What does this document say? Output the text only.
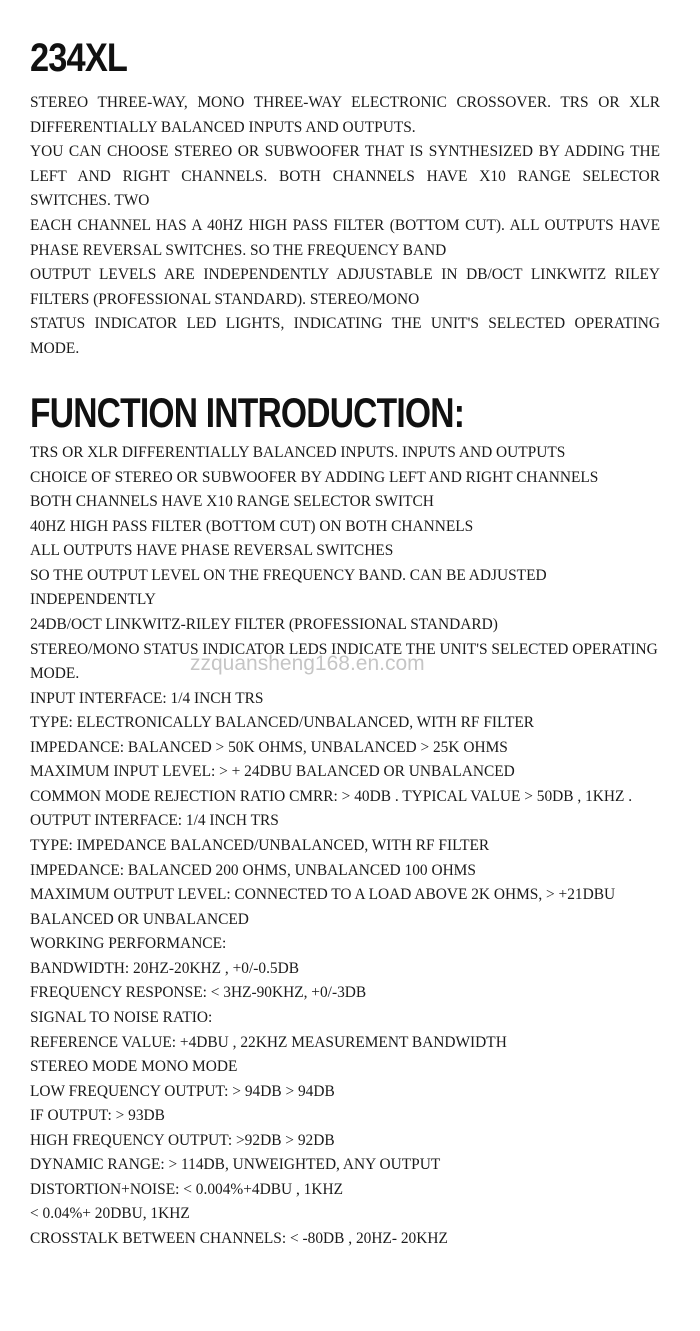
234XL
STEREO THREE-WAY, MONO THREE-WAY ELECTRONIC CROSSOVER. TRS OR XLR DIFFERENTIALLY BALANCED INPUTS AND OUTPUTS.
YOU CAN CHOOSE STEREO OR SUBWOOFER THAT IS SYNTHESIZED BY ADDING THE LEFT AND RIGHT CHANNELS. BOTH CHANNELS HAVE X10 RANGE SELECTOR SWITCHES. TWO
EACH CHANNEL HAS A 40HZ HIGH PASS FILTER (BOTTOM CUT). ALL OUTPUTS HAVE PHASE REVERSAL SWITCHES. SO THE FREQUENCY BAND
OUTPUT LEVELS ARE INDEPENDENTLY ADJUSTABLE IN DB/OCT LINKWITZ RILEY FILTERS (PROFESSIONAL STANDARD). STEREO/MONO
STATUS INDICATOR LED LIGHTS, INDICATING THE UNIT'S SELECTED OPERATING MODE.
FUNCTION INTRODUCTION:
TRS OR XLR DIFFERENTIALLY BALANCED INPUTS. INPUTS AND OUTPUTS
CHOICE OF STEREO OR SUBWOOFER BY ADDING LEFT AND RIGHT CHANNELS
BOTH CHANNELS HAVE X10 RANGE SELECTOR SWITCH
40HZ HIGH PASS FILTER (BOTTOM CUT) ON BOTH CHANNELS
ALL OUTPUTS HAVE PHASE REVERSAL SWITCHES
SO THE OUTPUT LEVEL ON THE FREQUENCY BAND. CAN BE ADJUSTED INDEPENDENTLY
24DB/OCT LINKWITZ-RILEY FILTER (PROFESSIONAL STANDARD)
STEREO/MONO STATUS INDICATOR LEDS INDICATE THE UNIT'S SELECTED OPERATING MODE.
INPUT INTERFACE: 1/4 INCH TRS
TYPE: ELECTRONICALLY BALANCED/UNBALANCED, WITH RF FILTER
IMPEDANCE: BALANCED > 50K OHMS, UNBALANCED > 25K OHMS
MAXIMUM INPUT LEVEL: > + 24DBU BALANCED OR UNBALANCED
COMMON MODE REJECTION RATIO CMRR: > 40DB . TYPICAL VALUE > 50DB , 1KHZ .
OUTPUT INTERFACE: 1/4 INCH TRS
TYPE: IMPEDANCE BALANCED/UNBALANCED, WITH RF FILTER
IMPEDANCE: BALANCED 200 OHMS, UNBALANCED 100 OHMS
MAXIMUM OUTPUT LEVEL: CONNECTED TO A LOAD ABOVE 2K OHMS, > +21DBU BALANCED OR UNBALANCED
WORKING PERFORMANCE:
BANDWIDTH: 20HZ-20KHZ , +0/-0.5DB
FREQUENCY RESPONSE: < 3HZ-90KHZ, +0/-3DB
SIGNAL TO NOISE RATIO:
REFERENCE VALUE: +4DBU , 22KHZ MEASUREMENT BANDWIDTH
STEREO MODE MONO MODE
LOW FREQUENCY OUTPUT: > 94DB > 94DB
IF OUTPUT: > 93DB
HIGH FREQUENCY OUTPUT: >92DB > 92DB
DYNAMIC RANGE: > 114DB, UNWEIGHTED, ANY OUTPUT
DISTORTION+NOISE: < 0.004%+4DBU , 1KHZ
< 0.04%+ 20DBU, 1KHZ
CROSSTALK BETWEEN CHANNELS: < -80DB , 20HZ- 20KHZ
zzquansheng168.en.com
